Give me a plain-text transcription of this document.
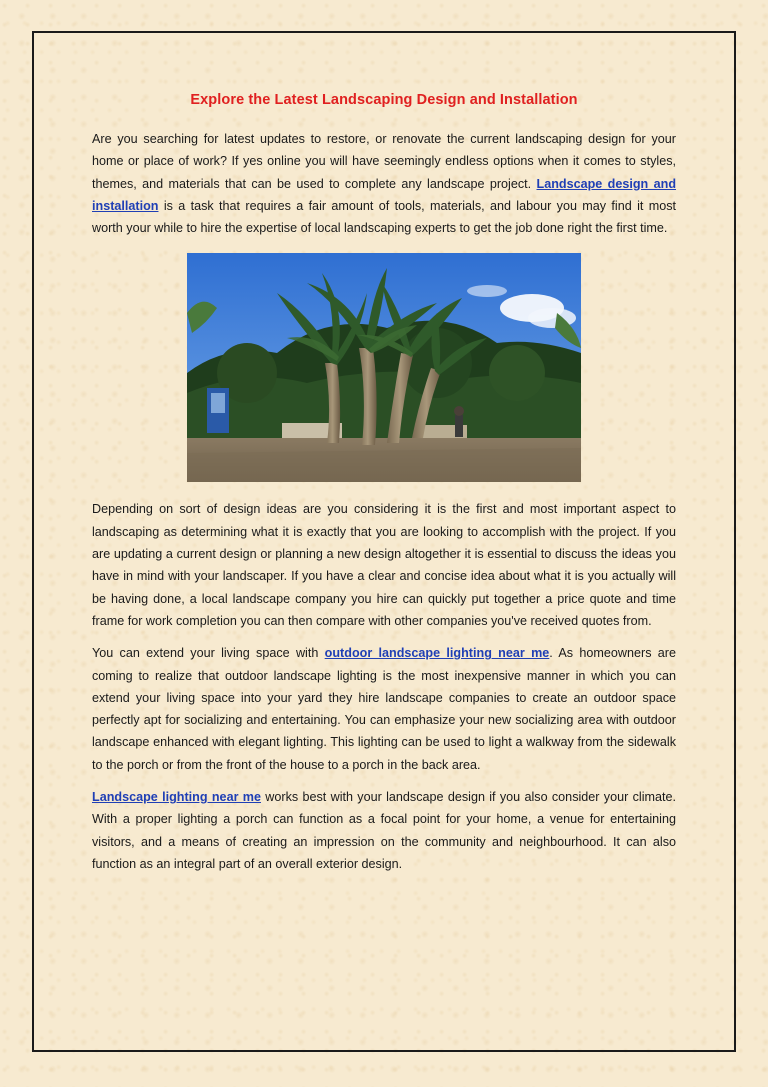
Explore the Latest Landscaping Design and Installation

Are you searching for latest updates to restore, or renovate the current landscaping design for your home or place of work? If yes online you will have seemingly endless options when it comes to styles, themes, and materials that can be used to complete any landscape project. Landscape design and installation is a task that requires a fair amount of tools, materials, and labour you may find it most worth your while to hire the expertise of local landscaping experts to get the job done right the first time.

Depending on sort of design ideas are you considering it is the first and most important aspect to landscaping as determining what it is exactly that you are looking to accomplish with the project. If you are updating a current design or planning a new design altogether it is essential to discuss the ideas you have in mind with your landscaper. If you have a clear and concise idea about what it is you actually will be having done, a local landscape company you hire can quickly put together a price quote and time frame for work completion you can then compare with other companies you've received quotes from.

You can extend your living space with outdoor landscape lighting near me. As homeowners are coming to realize that outdoor landscape lighting is the most inexpensive manner in which you can extend your living space into your yard they hire landscape companies to create an outdoor space perfectly apt for socializing and entertaining. You can emphasize your new socializing area with outdoor landscape enhanced with elegant lighting. This lighting can be used to light a walkway from the sidewalk to the porch or from the front of the house to a porch in the back area.

Landscape lighting near me works best with your landscape design if you also consider your climate. With a proper lighting a porch can function as a focal point for your home, a venue for entertaining visitors, and a means of creating an impression on the community and neighbourhood. It can also function as an integral part of an overall exterior design.
